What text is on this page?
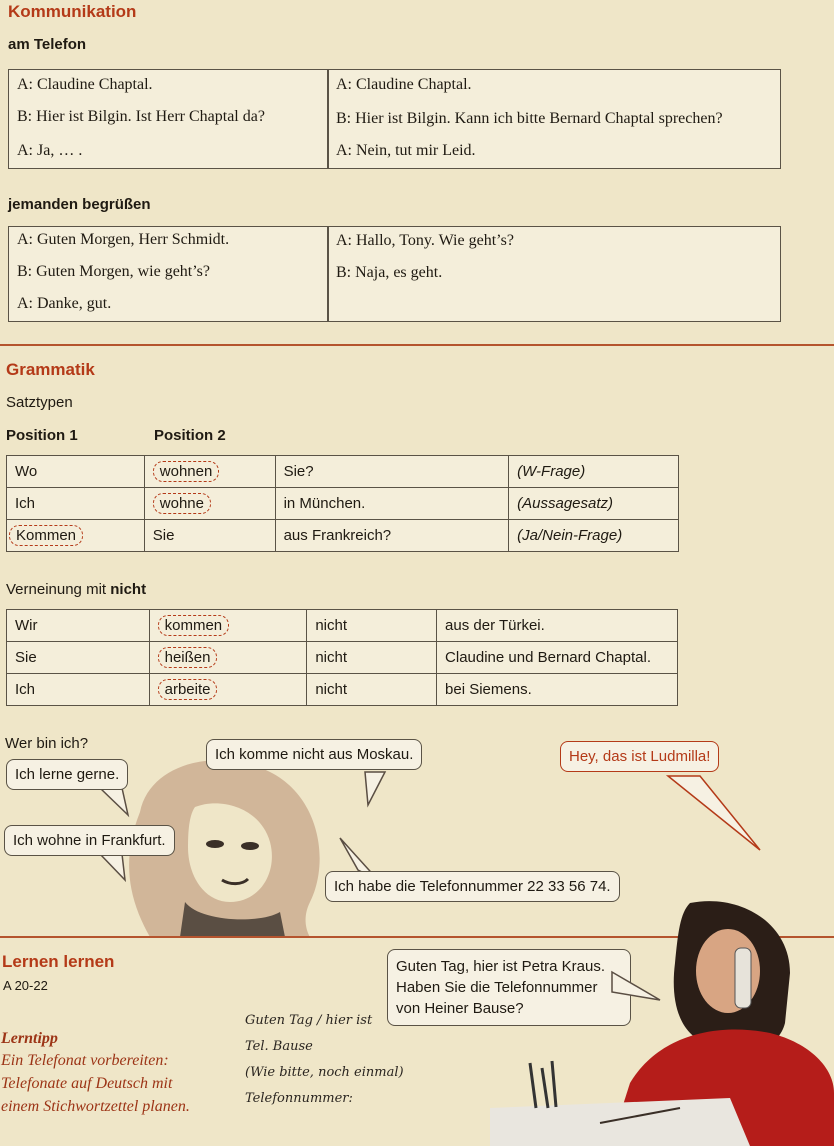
Kommunikation
am Telefon
A: Claudine Chaptal.
B: Hier ist Bilgin. Ist Herr Chaptal da?
A: Ja, … .
A: Claudine Chaptal.
B: Hier ist Bilgin. Kann ich bitte Bernard Chaptal sprechen?
A: Nein, tut mir Leid.
jemanden begrüßen
A: Guten Morgen, Herr Schmidt.
B: Guten Morgen, wie geht’s?
A: Danke, gut.
A: Hallo, Tony. Wie geht’s?
B: Naja, es geht.
Grammatik
Satztypen
Position 1	Position 2
Wo	wohnen	Sie?	(W-Frage)
Ich	wohne	in München.	(Aussagesatz)
Kommen	Sie	aus Frankreich?	(Ja/Nein-Frage)
Verneinung mit nicht
Wir	kommen	nicht	aus der Türkei.
Sie	heißen	nicht	Claudine und Bernard Chaptal.
Ich	arbeite	nicht	bei Siemens.
Wer bin ich?
Ich lerne gerne.
Ich komme nicht aus Moskau.	Hey, das ist Ludmilla!
Ich wohne in Frankfurt.
Ich habe die Telefonnummer 22 33 56 74.
Lernen lernen
A 20-22
Lerntipp
Ein Telefonat vorbereiten:
Telefonate auf Deutsch mit
einem Stichwortzettel planen.
Guten Tag / hier ist
Tel. Bause
(Wie bitte, noch einmal)
Telefonnummer:
Guten Tag, hier ist Petra Kraus.
Haben Sie die Telefonnummer
von Heiner Bause?
